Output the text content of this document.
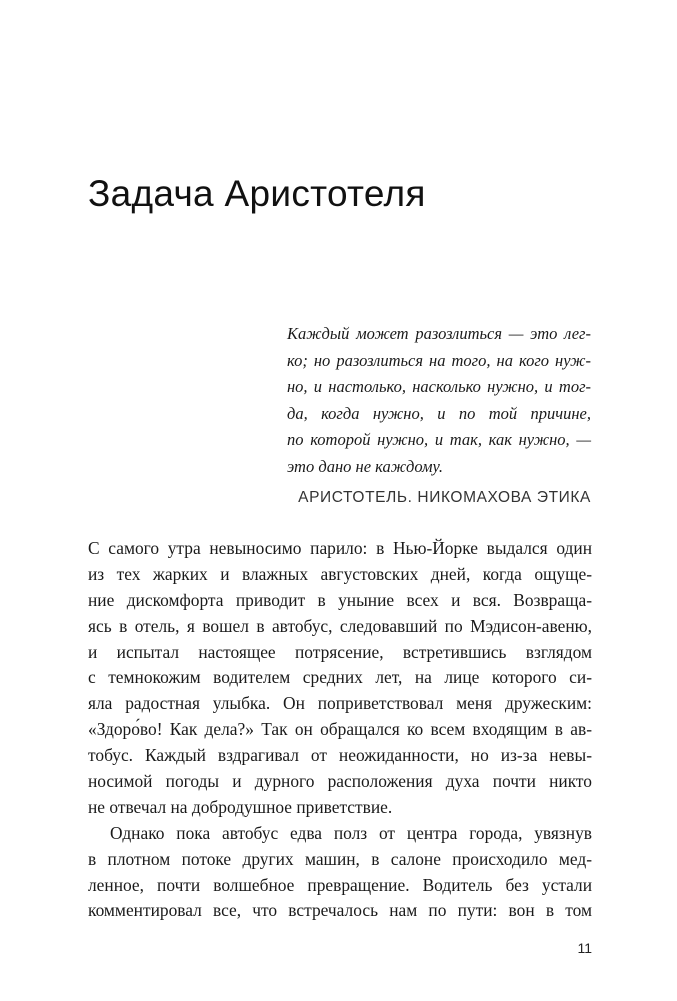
Задача Аристотеля
Каждый может разозлиться — это лег-
ко; но разозлиться на того, на кого нуж-
но, и настолько, насколько нужно, и тог-
да, когда нужно, и по той причине,
по которой нужно, и так, как нужно, —
это дано не каждому.
АРИСТОТЕЛЬ. НИКОМАХОВА ЭТИКА
С самого утра невыносимо парило: в Нью-Йорке выдался один
из тех жарких и влажных августовских дней, когда ощуще-
ние дискомфорта приводит в уныние всех и вся. Возвраща-
ясь в отель, я вошел в автобус, следовавший по Мэдисон-авеню,
и испытал настоящее потрясение, встретившись взглядом
с темнокожим водителем средних лет, на лице которого си-
яла радостная улыбка. Он поприветствовал меня дружеским:
«Здоро́во! Как дела?» Так он обращался ко всем входящим в ав-
тобус. Каждый вздрагивал от неожиданности, но из-за невы-
носимой погоды и дурного расположения духа почти никто
не отвечал на добродушное приветствие.
Однако пока автобус едва полз от центра города, увязнув
в плотном потоке других машин, в салоне происходило мед-
ленное, почти волшебное превращение. Водитель без устали
комментировал все, что встречалось нам по пути: вон в том
11
